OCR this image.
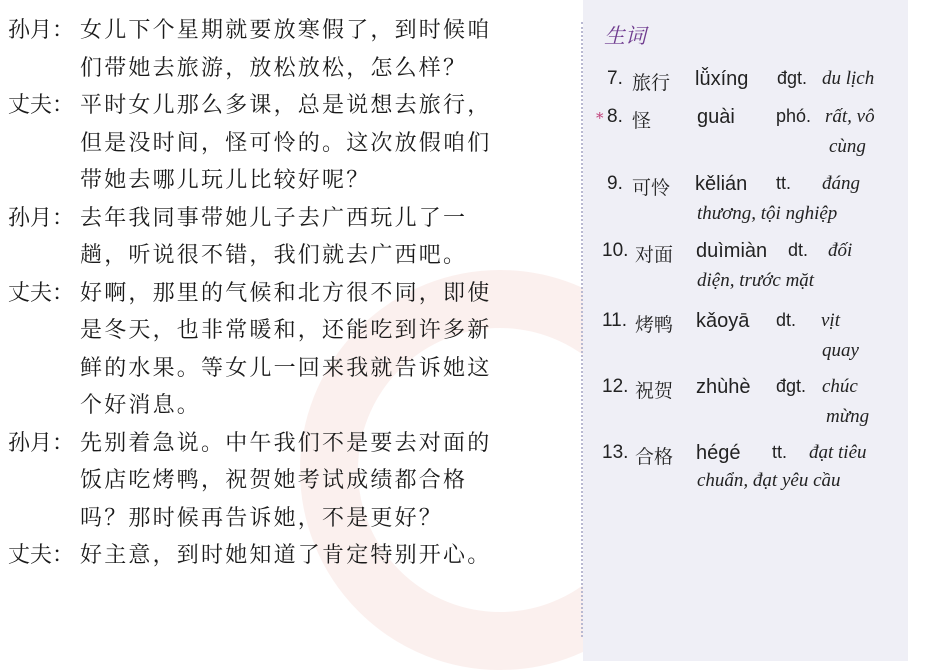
孙月： 女儿下个星期就要放寒假了，到时候咱
们带她去旅游，放松放松，怎么样？
丈夫： 平时女儿那么多课，总是说想去旅行，
但是没时间，怪可怜的。这次放假咱们
带她去哪儿玩儿比较好呢？
孙月： 去年我同事带她儿子去广西玩儿了一
趟，听说很不错，我们就去广西吧。
丈夫： 好啊，那里的气候和北方很不同，即使
是冬天，也非常暖和，还能吃到许多新
鲜的水果。等女儿一回来我就告诉她这
个好消息。
孙月： 先别着急说。中午我们不是要去对面的
饭店吃烤鸭，祝贺她考试成绩都合格
吗？那时候再告诉她，不是更好？
丈夫： 好主意，到时她知道了肯定特别开心。
生词
7. 旅行 lǚxíng đgt. du lịch
* 8. 怪 guài phó. rất, vô
cùng
9. 可怜 kělián tt. đáng
thương, tội nghiệp
10. 对面 duìmiàn dt. đối
diện, trước mặt
11. 烤鸭 kǎoyā dt. vịt
quay
12. 祝贺 zhùhè đgt. chúc
mừng
13. 合格 hégé tt. đạt tiêu
chuẩn, đạt yêu cầu
